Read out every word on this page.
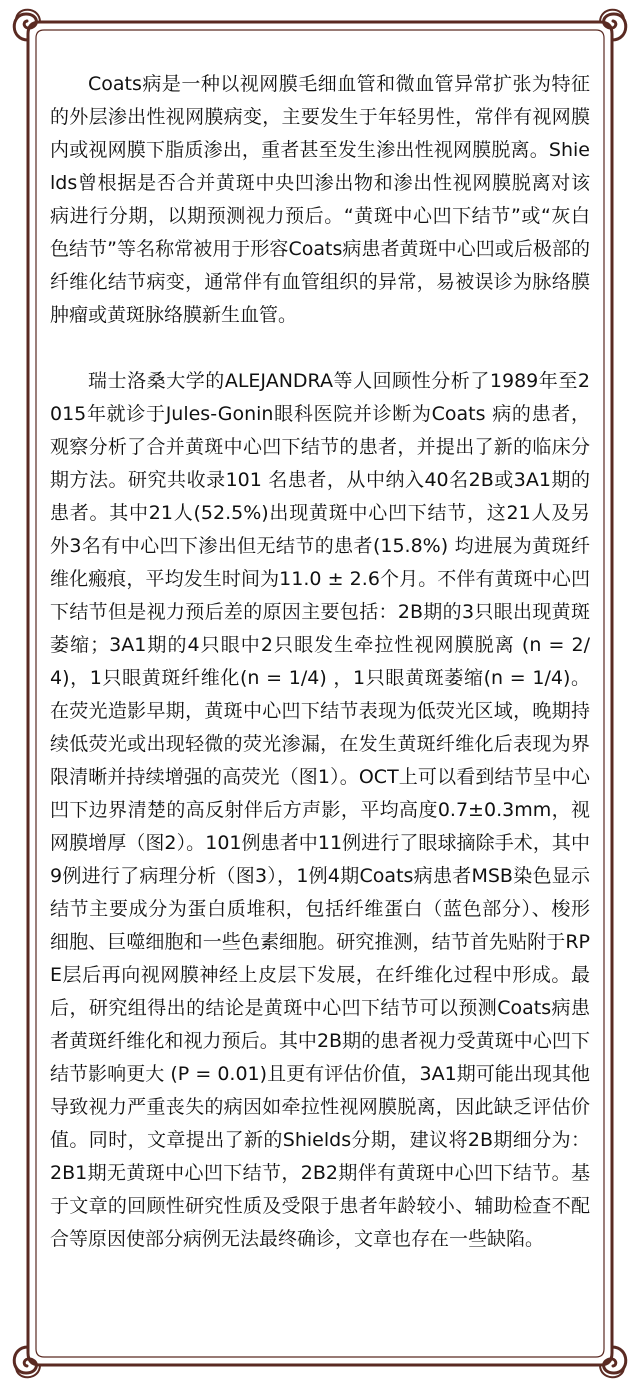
Coats病是一种以视网膜毛细血管和微血管异常扩张为特征的外层渗出性视网膜病变，主要发生于年轻男性，常伴有视网膜内或视网膜下脂质渗出，重者甚至发生渗出性视网膜脱离。Shields曾根据是否合并黄斑中央凹渗出物和渗出性视网膜脱离对该病进行分期，以期预测视力预后。“黄斑中心凹下结节”或“灰白色结节”等名称常被用于形容Coats病患者黄斑中心凹或后极部的纤维化结节病变，通常伴有血管组织的异常，易被误诊为脉络膜肿瘤或黄斑脉络膜新生血管。

瑞士洛桑大学的ALEJANDRA等人回顾性分析了1989年至2015年就诊于Jules-Gonin眼科医院并诊断为Coats 病的患者，观察分析了合并黄斑中心凹下结节的患者，并提出了新的临床分期方法。研究共收录101 名患者，从中纳入40名2B或3A1期的患者。其中21人(52.5%)出现黄斑中心凹下结节，这21人及另外3名有中心凹下渗出但无结节的患者(15.8%) 均进展为黄斑纤维化瘢痕，平均发生时间为11.0 ± 2.6个月。不伴有黄斑中心凹下结节但是视力预后差的原因主要包括：2B期的3只眼出现黄斑萎缩；3A1期的4只眼中2只眼发生牵拉性视网膜脱离 (n = 2/4)，1只眼黄斑纤维化(n = 1/4) ，1只眼黄斑萎缩(n = 1/4)。在荧光造影早期，黄斑中心凹下结节表现为低荧光区域，晚期持续低荧光或出现轻微的荧光渗漏，在发生黄斑纤维化后表现为界限清晰并持续增强的高荧光（图1）。OCT上可以看到结节呈中心凹下边界清楚的高反射伴后方声影，平均高度0.7±0.3mm，视网膜增厚（图2）。101例患者中11例进行了眼球摘除手术，其中9例进行了病理分析（图3），1例4期Coats病患者MSB染色显示结节主要成分为蛋白质堆积，包括纤维蛋白（蓝色部分）、梭形细胞、巨噬细胞和一些色素细胞。研究推测，结节首先贴附于RPE层后再向视网膜神经上皮层下发展，在纤维化过程中形成。最后，研究组得出的结论是黄斑中心凹下结节可以预测Coats病患者黄斑纤维化和视力预后。其中2B期的患者视力受黄斑中心凹下结节影响更大 (P = 0.01)且更有评估价值，3A1期可能出现其他导致视力严重丧失的病因如牵拉性视网膜脱离，因此缺乏评估价值。同时，文章提出了新的Shields分期，建议将2B期细分为：2B1期无黄斑中心凹下结节，2B2期伴有黄斑中心凹下结节。基于文章的回顾性研究性质及受限于患者年龄较小、辅助检查不配合等原因使部分病例无法最终确诊，文章也存在一些缺陷。
